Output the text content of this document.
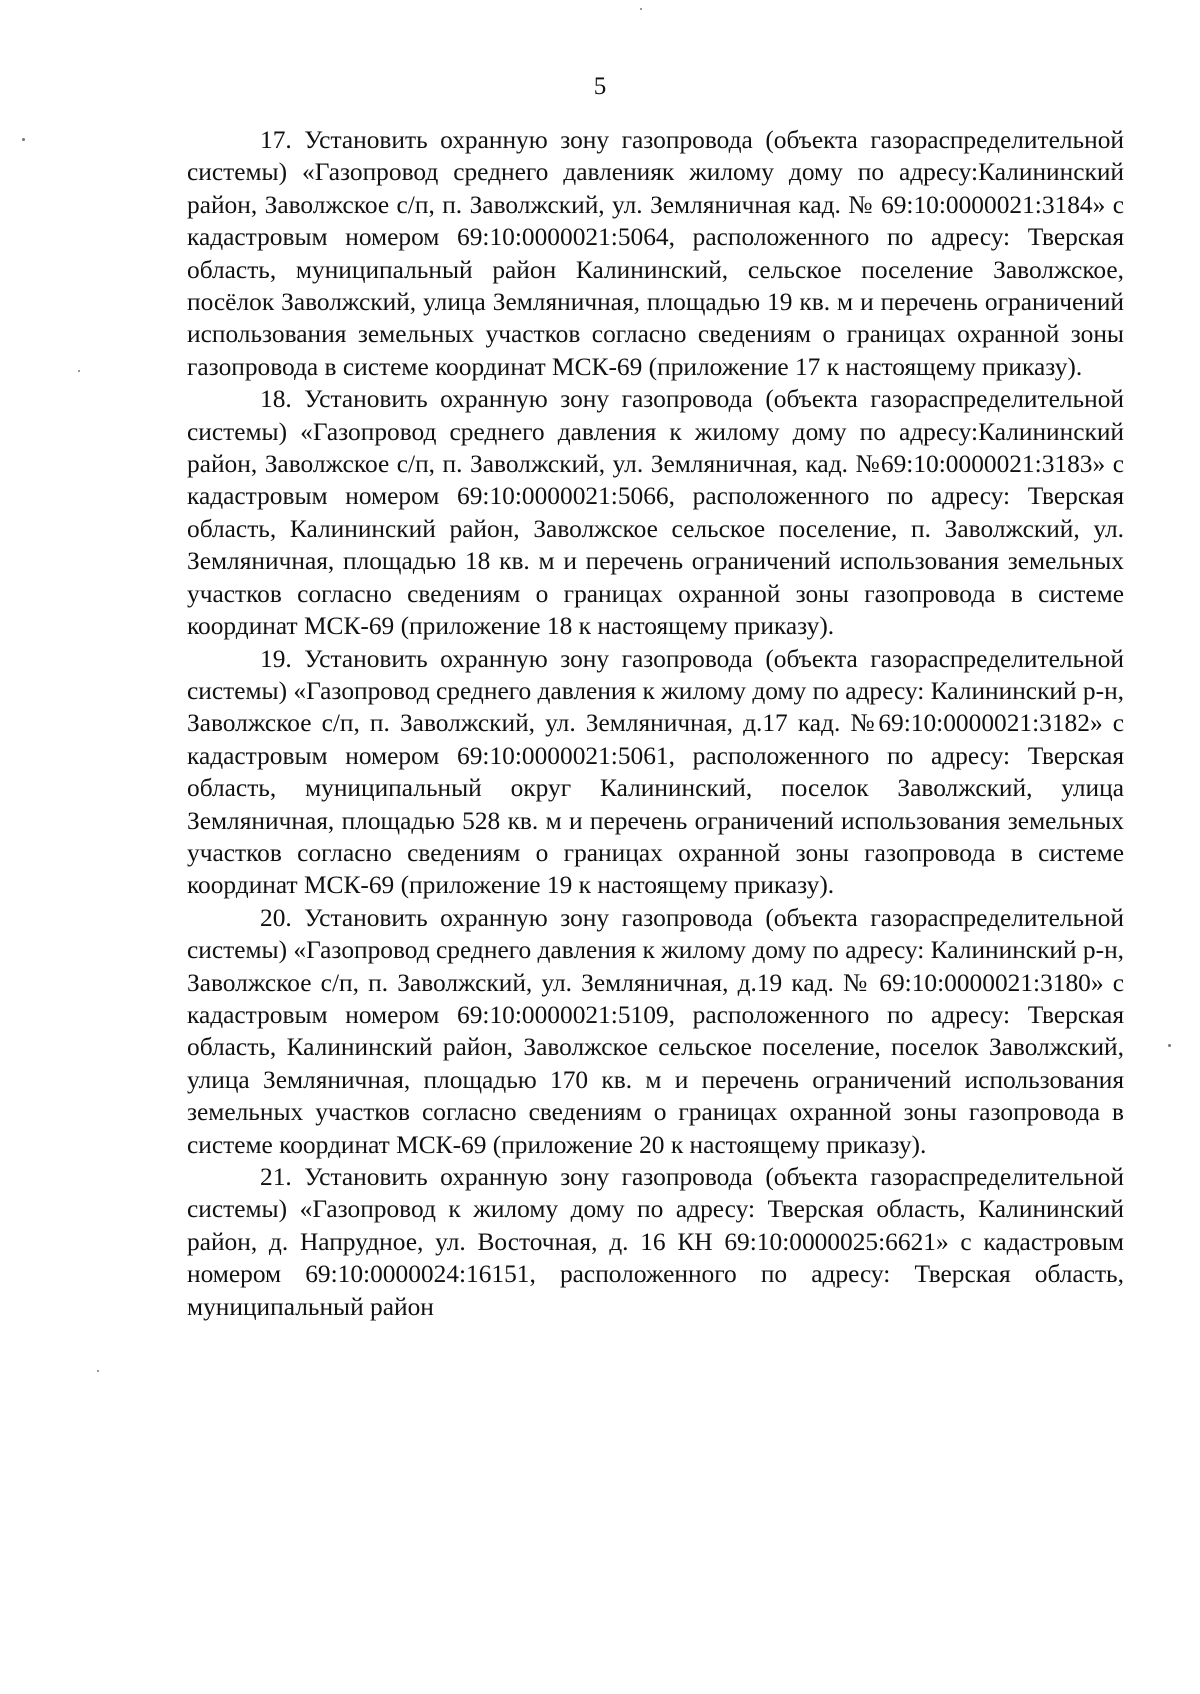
5

17. Установить охранную зону газопровода (объекта газораспределительной системы) «Газопровод среднего давленияк жилому дому по адресу:Калининский район, Заволжское с/п, п. Заволжский, ул. Земляничная кад. № 69:10:0000021:3184» с кадастровым номером 69:10:0000021:5064, расположенного по адресу: Тверская область, муниципальный район Калининский, сельское поселение Заволжское, посёлок Заволжский, улица Земляничная, площадью 19 кв. м и перечень ограничений использования земельных участков согласно сведениям о границах охранной зоны газопровода в системе координат МСК-69 (приложение 17 к настоящему приказу).

18. Установить охранную зону газопровода (объекта газораспределительной системы) «Газопровод среднего давления к жилому дому по адресу:Калининский район, Заволжское с/п, п. Заволжский, ул. Земляничная, кад. №69:10:0000021:3183» с кадастровым номером 69:10:0000021:5066, расположенного по адресу: Тверская область, Калининский район, Заволжское сельское поселение, п. Заволжский, ул. Земляничная, площадью 18 кв. м и перечень ограничений использования земельных участков согласно сведениям о границах охранной зоны газопровода в системе координат МСК-69 (приложение 18 к настоящему приказу).

19. Установить охранную зону газопровода (объекта газораспределительной системы) «Газопровод среднего давления к жилому дому по адресу: Калининский р-н, Заволжское с/п, п. Заволжский, ул. Земляничная, д.17 кад. №69:10:0000021:3182» с кадастровым номером 69:10:0000021:5061, расположенного по адресу: Тверская область, муниципальный округ Калининский, поселок Заволжский, улица Земляничная, площадью 528 кв. м и перечень ограничений использования земельных участков согласно сведениям о границах охранной зоны газопровода в системе координат МСК-69 (приложение 19 к настоящему приказу).

20. Установить охранную зону газопровода (объекта газораспределительной системы) «Газопровод среднего давления к жилому дому по адресу: Калининский р-н, Заволжское с/п, п. Заволжский, ул. Земляничная, д.19 кад. № 69:10:0000021:3180» с кадастровым номером 69:10:0000021:5109, расположенного по адресу: Тверская область, Калининский район, Заволжское сельское поселение, поселок Заволжский, улица Земляничная, площадью 170 кв. м и перечень ограничений использования земельных участков согласно сведениям о границах охранной зоны газопровода в системе координат МСК-69 (приложение 20 к настоящему приказу).

21. Установить охранную зону газопровода (объекта газораспределительной системы) «Газопровод к жилому дому по адресу: Тверская область, Калининский район, д. Напрудное, ул. Восточная, д. 16 КН 69:10:0000025:6621» с кадастровым номером 69:10:0000024:16151, расположенного по адресу: Тверская область, муниципальный район
